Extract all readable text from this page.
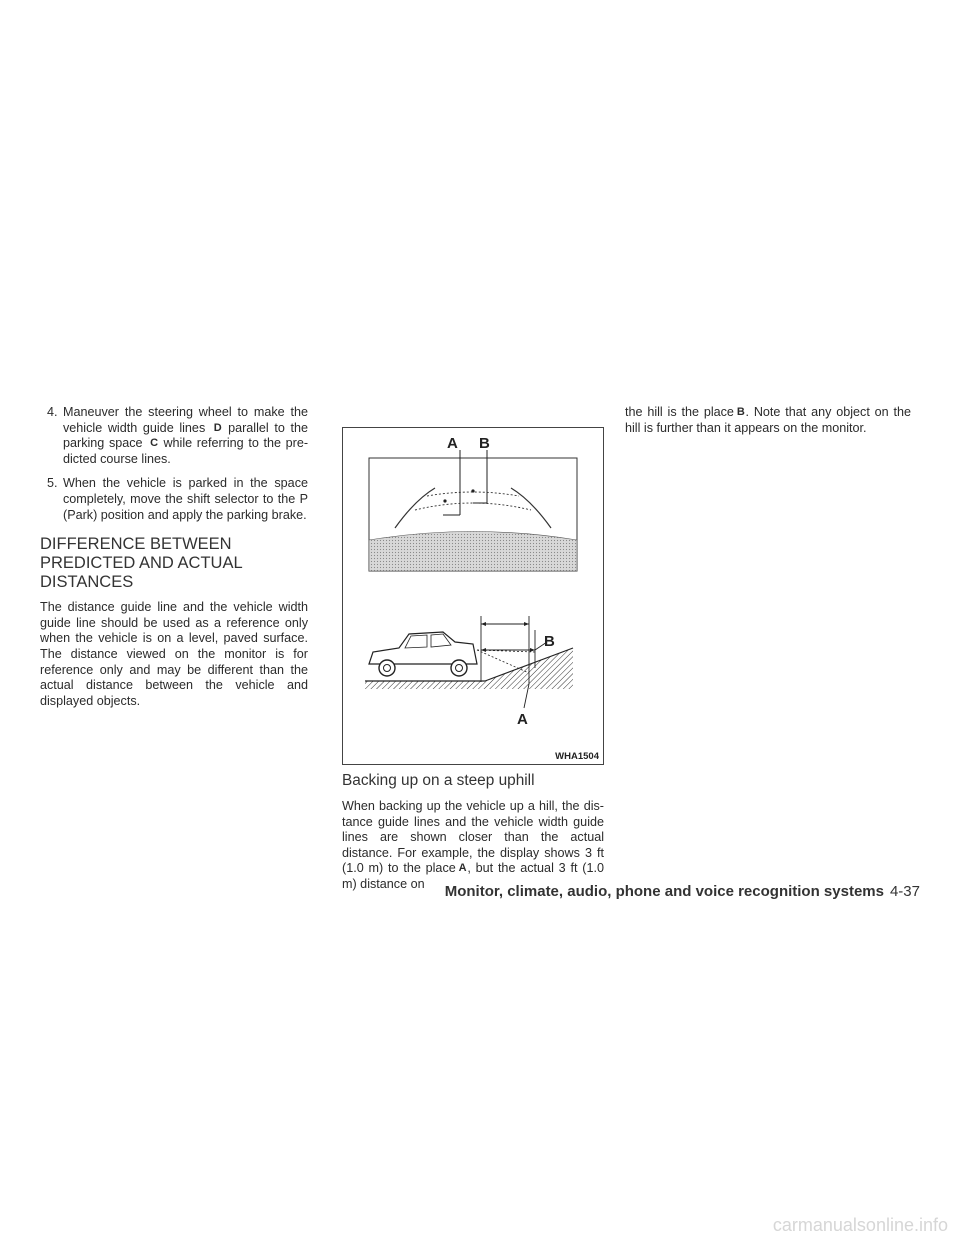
4. Maneuver the steering wheel to make the vehicle width guide lines D parallel to the parking space C while referring to the pre- dicted course lines.
5. When the vehicle is parked in the space completely, move the shift selector to the P (Park) position and apply the parking brake.
DIFFERENCE BETWEEN PREDICTED AND ACTUAL DISTANCES

The distance guide line and the vehicle width guide line should be used as a reference only when the vehicle is on a level, paved surface. The distance viewed on the monitor is for reference only and may be different than the actual distance between the vehicle and displayed objects.

A B
B
A
WHA1504
Backing up on a steep uphill

When backing up the vehicle up a hill, the dis- tance guide lines and the vehicle width guide lines are shown closer than the actual distance. For example, the display shows 3 ft (1.0 m) to the place A, but the actual 3 ft (1.0 m) distance on

the hill is the place B. Note that any object on the hill is further than it appears on the monitor.

Monitor, climate, audio, phone and voice recognition systems 4-37
carmanualsonline.info
